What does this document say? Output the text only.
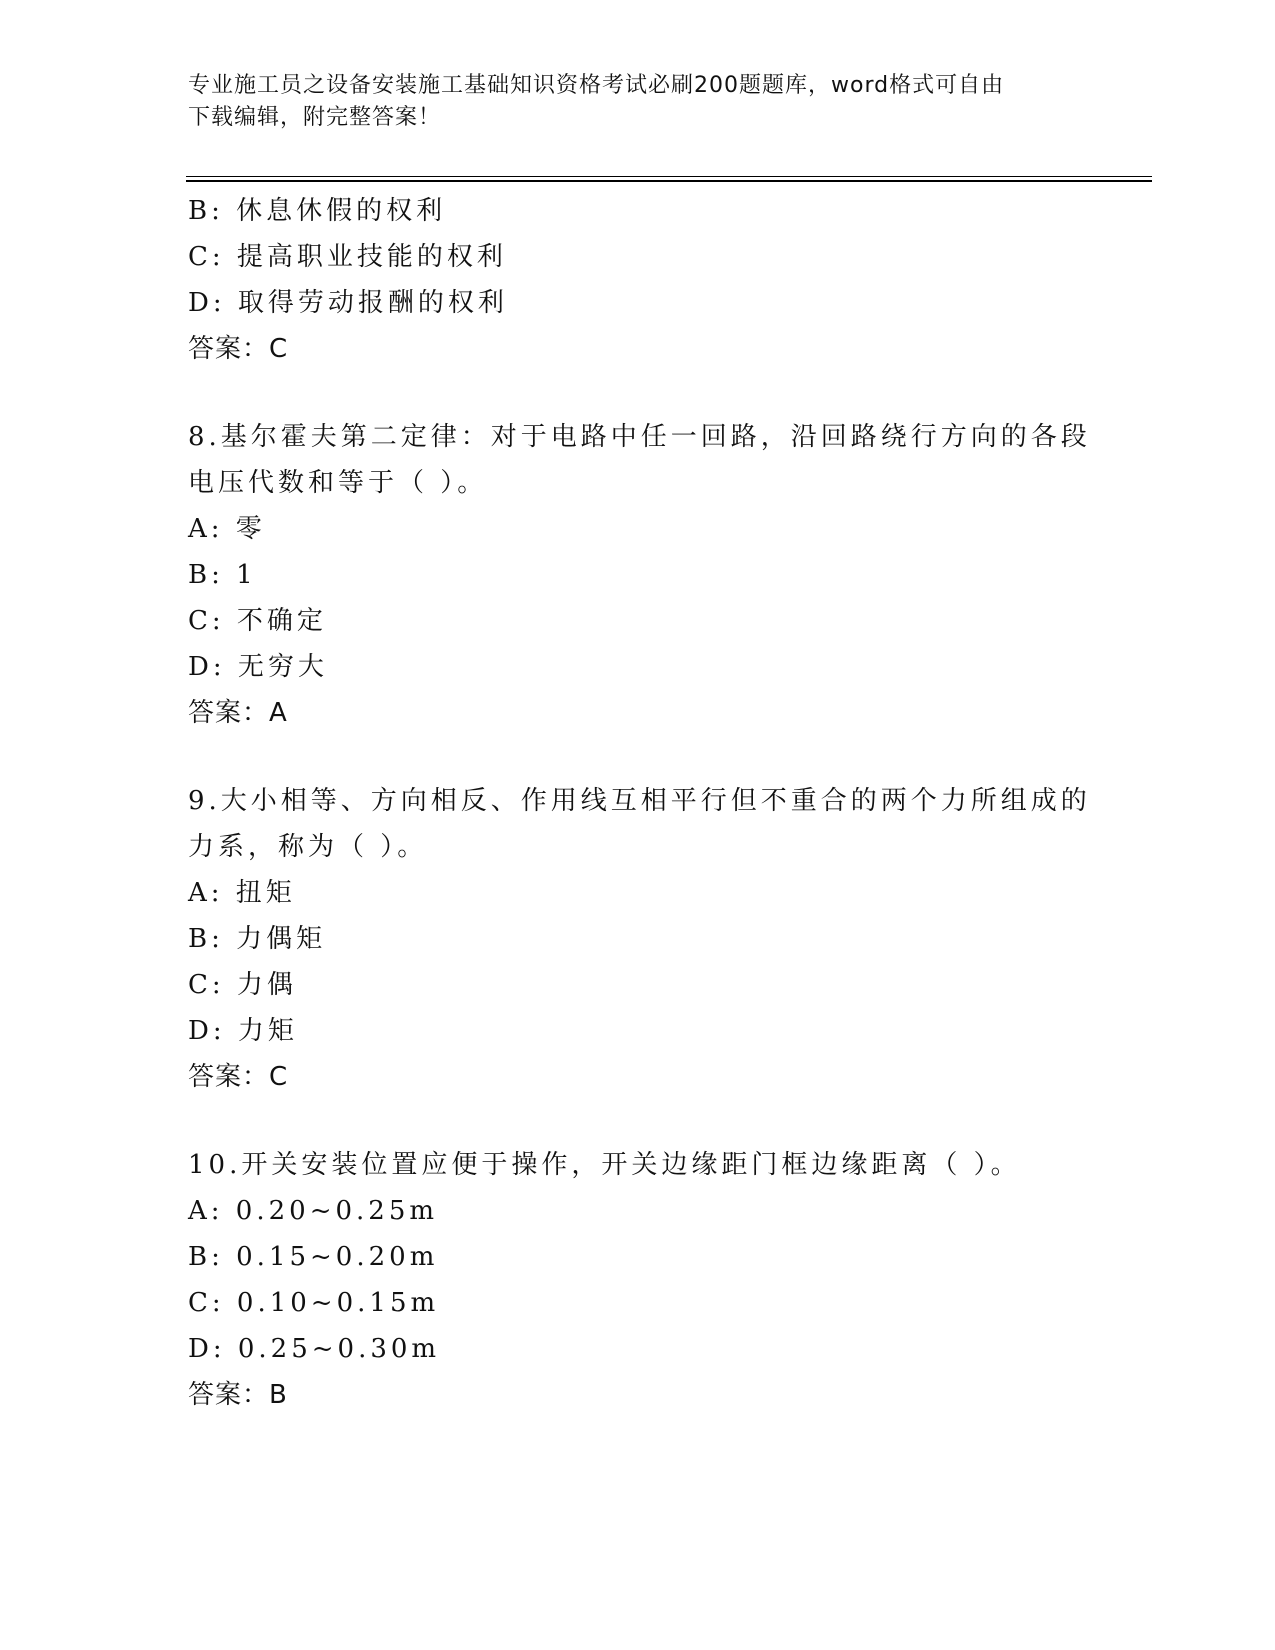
专业施工员之设备安装施工基础知识资格考试必刷200题题库，word格式可自由
下载编辑，附完整答案！
B: 休息休假的权利
C: 提高职业技能的权利
D: 取得劳动报酬的权利
答案：C
8.基尔霍夫第二定律：对于电路中任一回路，沿回路绕行方向的各段
电压代数和等于（ ）。
A: 零
B: 1
C: 不确定
D: 无穷大
答案：A
9.大小相等、方向相反、作用线互相平行但不重合的两个力所组成的
力系，称为（ ）。
A: 扭矩
B: 力偶矩
C: 力偶
D: 力矩
答案：C
10.开关安装位置应便于操作，开关边缘距门框边缘距离（ ）。
A: 0.20~0.25m
B: 0.15~0.20m
C: 0.10~0.15m
D: 0.25~0.30m
答案：B
